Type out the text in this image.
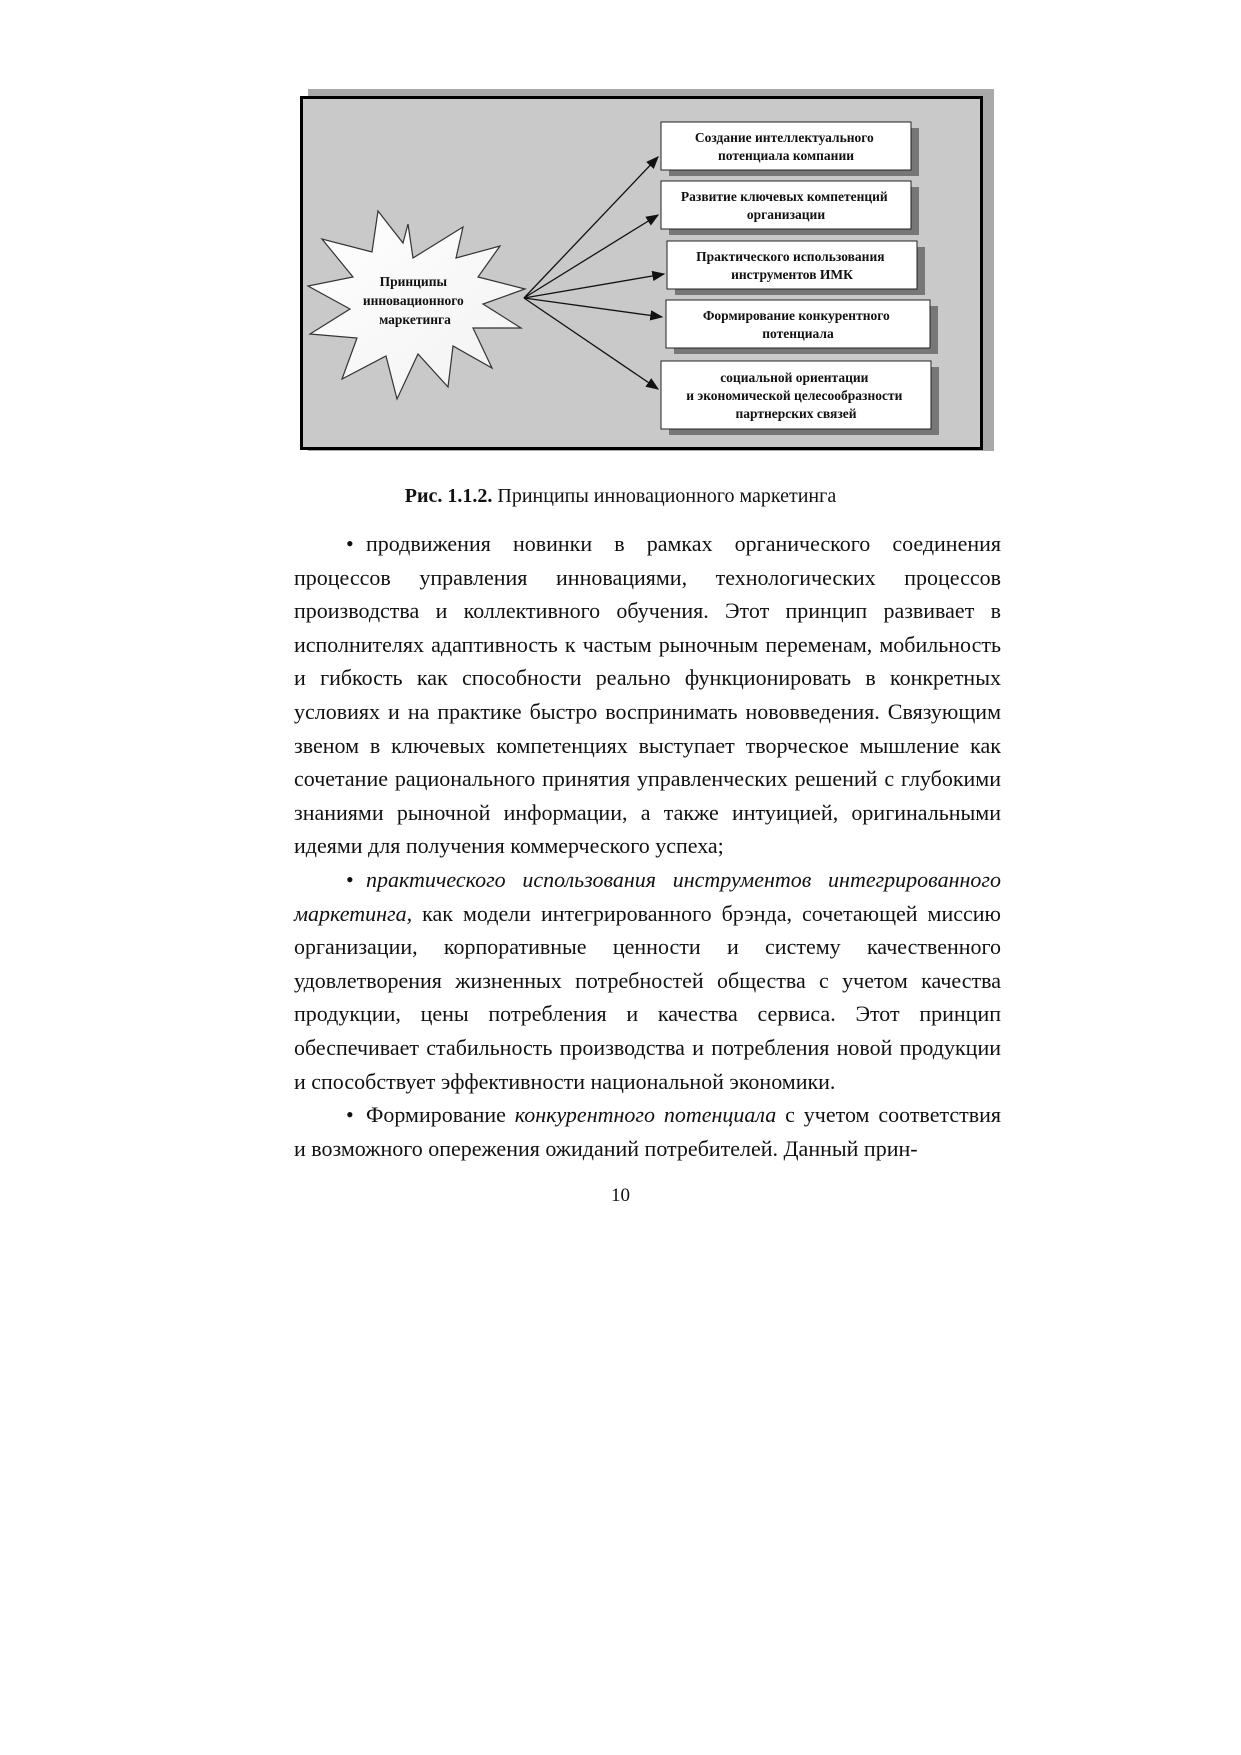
Принципы инновационного маркетинга
Создание интеллектуального потенциала компании
Развитие ключевых компетенций организации
Практического использования инструментов ИМК
Формирование конкурентного потенциала
социальной ориентации и экономической целесообразности партнерских связей
Рис. 1.1.2. Принципы инновационного маркетинга

• продвижения новинки в рамках органического соединения процессов управления инновациями, технологических процессов производства и коллективного обучения. Этот принцип развивает в исполнителях адаптивность к частым рыночным переменам, мобильность и гибкость как способности реально функционировать в конкретных условиях и на практике быстро воспринимать нововведения. Связующим звеном в ключевых компетенциях выступает творческое мышление как сочетание рационального принятия управленческих решений с глубокими знаниями рыночной информации, а также интуицией, оригинальными идеями для получения коммерческого успеха;

• практического использования инструментов интегрированного маркетинга, как модели интегрированного брэнда, сочетающей миссию организации, корпоративные ценности и систему качественного удовлетворения жизненных потребностей общества с учетом качества продукции, цены потребления и качества сервиса. Этот принцип обеспечивает стабильность производства и потребления новой продукции и способствует эффективности национальной экономики.

• Формирование конкурентного потенциала с учетом соответствия и возможного опережения ожиданий потребителей. Данный прин-

10
